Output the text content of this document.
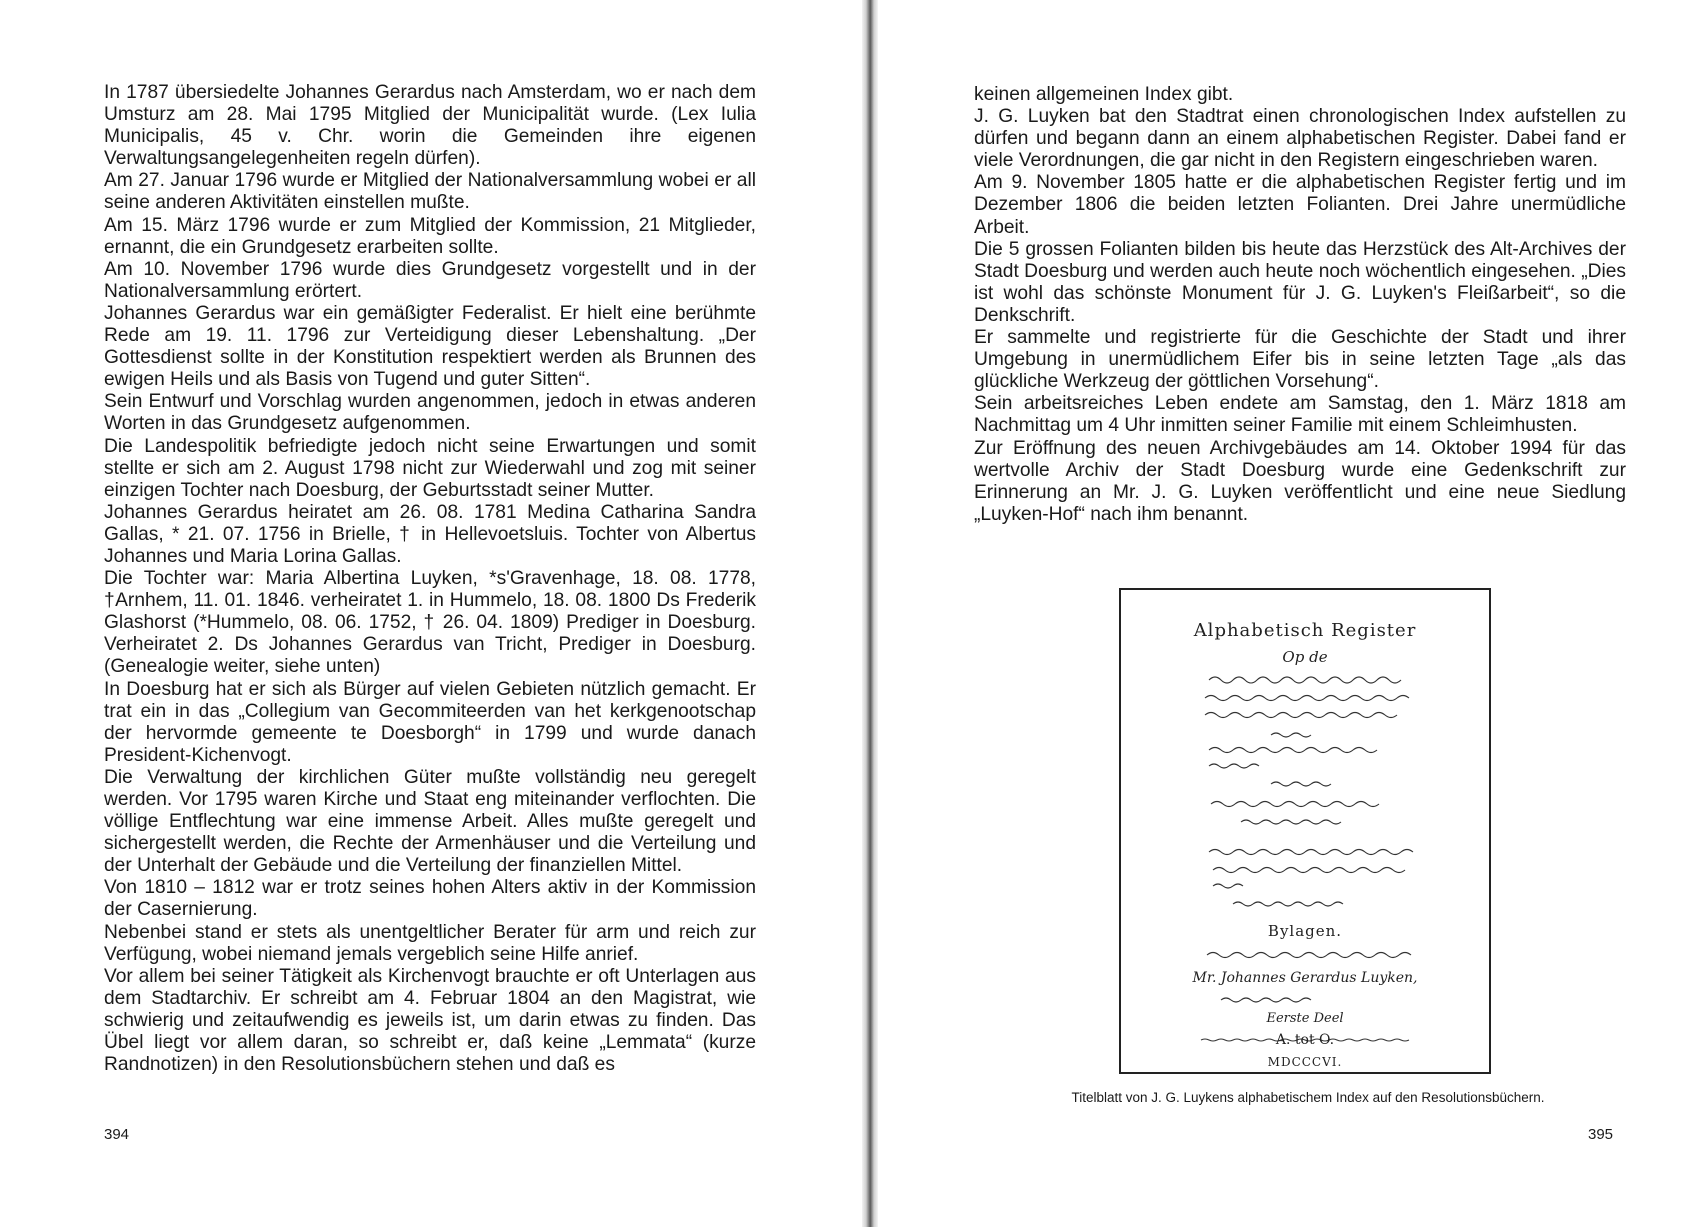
In 1787 übersiedelte Johannes Gerardus nach Amsterdam, wo er nach dem Umsturz am 28. Mai 1795 Mitglied der Municipalität wurde. (Lex Iulia Municipalis, 45 v. Chr. worin die Gemeinden ihre eigenen Verwaltungsangelegenheiten regeln dürfen).

Am 27. Januar 1796 wurde er Mitglied der Nationalversammlung wobei er all seine anderen Aktivitäten einstellen mußte.

Am 15. März 1796 wurde er zum Mitglied der Kommission, 21 Mitglieder, ernannt, die ein Grundgesetz erarbeiten sollte.

Am 10. November 1796 wurde dies Grundgesetz vorgestellt und in der Nationalversammlung erörtert.

Johannes Gerardus war ein gemäßigter Federalist. Er hielt eine berühmte Rede am 19. 11. 1796 zur Verteidigung dieser Lebenshaltung. „Der Gottesdienst sollte in der Konstitution respektiert werden als Brunnen des ewigen Heils und als Basis von Tugend und guter Sitten“.

Sein Entwurf und Vorschlag wurden angenommen, jedoch in etwas anderen Worten in das Grundgesetz aufgenommen.

Die Landespolitik befriedigte jedoch nicht seine Erwartungen und somit stellte er sich am 2. August 1798 nicht zur Wiederwahl und zog mit seiner einzigen Tochter nach Doesburg, der Geburtsstadt seiner Mutter.

Johannes Gerardus heiratet am 26. 08. 1781 Medina Catharina Sandra Gallas, * 21. 07. 1756 in Brielle, † in Hellevoetsluis. Tochter von Albertus Johannes und Maria Lorina Gallas.

Die Tochter war: Maria Albertina Luyken, *s'Gravenhage, 18. 08. 1778, †Arnhem, 11. 01. 1846. verheiratet 1. in Hummelo, 18. 08. 1800 Ds Frederik Glashorst (*Hummelo, 08. 06. 1752, † 26. 04. 1809) Prediger in Doesburg. Verheiratet 2. Ds Johannes Gerardus van Tricht, Prediger in Doesburg. (Genealogie weiter, siehe unten)

In Doesburg hat er sich als Bürger auf vielen Gebieten nützlich gemacht. Er trat ein in das „Collegium van Gecommiteerden van het kerkgenootschap der hervormde gemeente te Doesborgh“ in 1799 und wurde danach President-Kichenvogt.

Die Verwaltung der kirchlichen Güter mußte vollständig neu geregelt werden. Vor 1795 waren Kirche und Staat eng miteinander verflochten. Die völlige Entflechtung war eine immense Arbeit. Alles mußte geregelt und sichergestellt werden, die Rechte der Armenhäuser und die Verteilung und der Unterhalt der Gebäude und die Verteilung der finanziellen Mittel.

Von 1810 – 1812 war er trotz seines hohen Alters aktiv in der Kommission der Casernierung.

Nebenbei stand er stets als unentgeltlicher Berater für arm und reich zur Verfügung, wobei niemand jemals vergeblich seine Hilfe anrief.

Vor allem bei seiner Tätigkeit als Kirchenvogt brauchte er oft Unterlagen aus dem Stadtarchiv. Er schreibt am 4. Februar 1804 an den Magistrat, wie schwierig und zeitaufwendig es jeweils ist, um darin etwas zu finden. Das Übel liegt vor allem daran, so schreibt er, daß keine „Lemmata“ (kurze Randnotizen) in den Resolutionsbüchern stehen und daß es

394

keinen allgemeinen Index gibt.

J. G. Luyken bat den Stadtrat einen chronologischen Index aufstellen zu dürfen und begann dann an einem alphabetischen Register. Dabei fand er viele Verordnungen, die gar nicht in den Registern eingeschrieben waren.

Am 9. November 1805 hatte er die alphabetischen Register fertig und im Dezember 1806 die beiden letzten Folianten. Drei Jahre unermüdliche Arbeit.

Die 5 grossen Folianten bilden bis heute das Herzstück des Alt-Archives der Stadt Doesburg und werden auch heute noch wöchentlich eingesehen. „Dies ist wohl das schönste Monument für J. G. Luyken's Fleißarbeit“, so die Denkschrift.

Er sammelte und registrierte für die Geschichte der Stadt und ihrer Umgebung in unermüdlichem Eifer bis in seine letzten Tage „als das glückliche Werkzeug der göttlichen Vorsehung“.

Sein arbeitsreiches Leben endete am Samstag, den 1. März 1818 am Nachmittag um 4 Uhr inmitten seiner Familie mit einem Schleimhusten.

Zur Eröffnung des neuen Archivgebäudes am 14. Oktober 1994 für das wertvolle Archiv der Stadt Doesburg wurde eine Gedenkschrift zur Erinnerung an Mr. J. G. Luyken veröffentlicht und eine neue Siedlung „Luyken-Hof“ nach ihm benannt.

Alphabetisch Register
Op de
Bylagen.
Mr. Johannes Gerardus Luyken,
Eerste Deel
A. tot O.
MDCCCVI.
Titelblatt von J. G. Luykens alphabetischem Index auf den Resolutionsbüchern.
395
